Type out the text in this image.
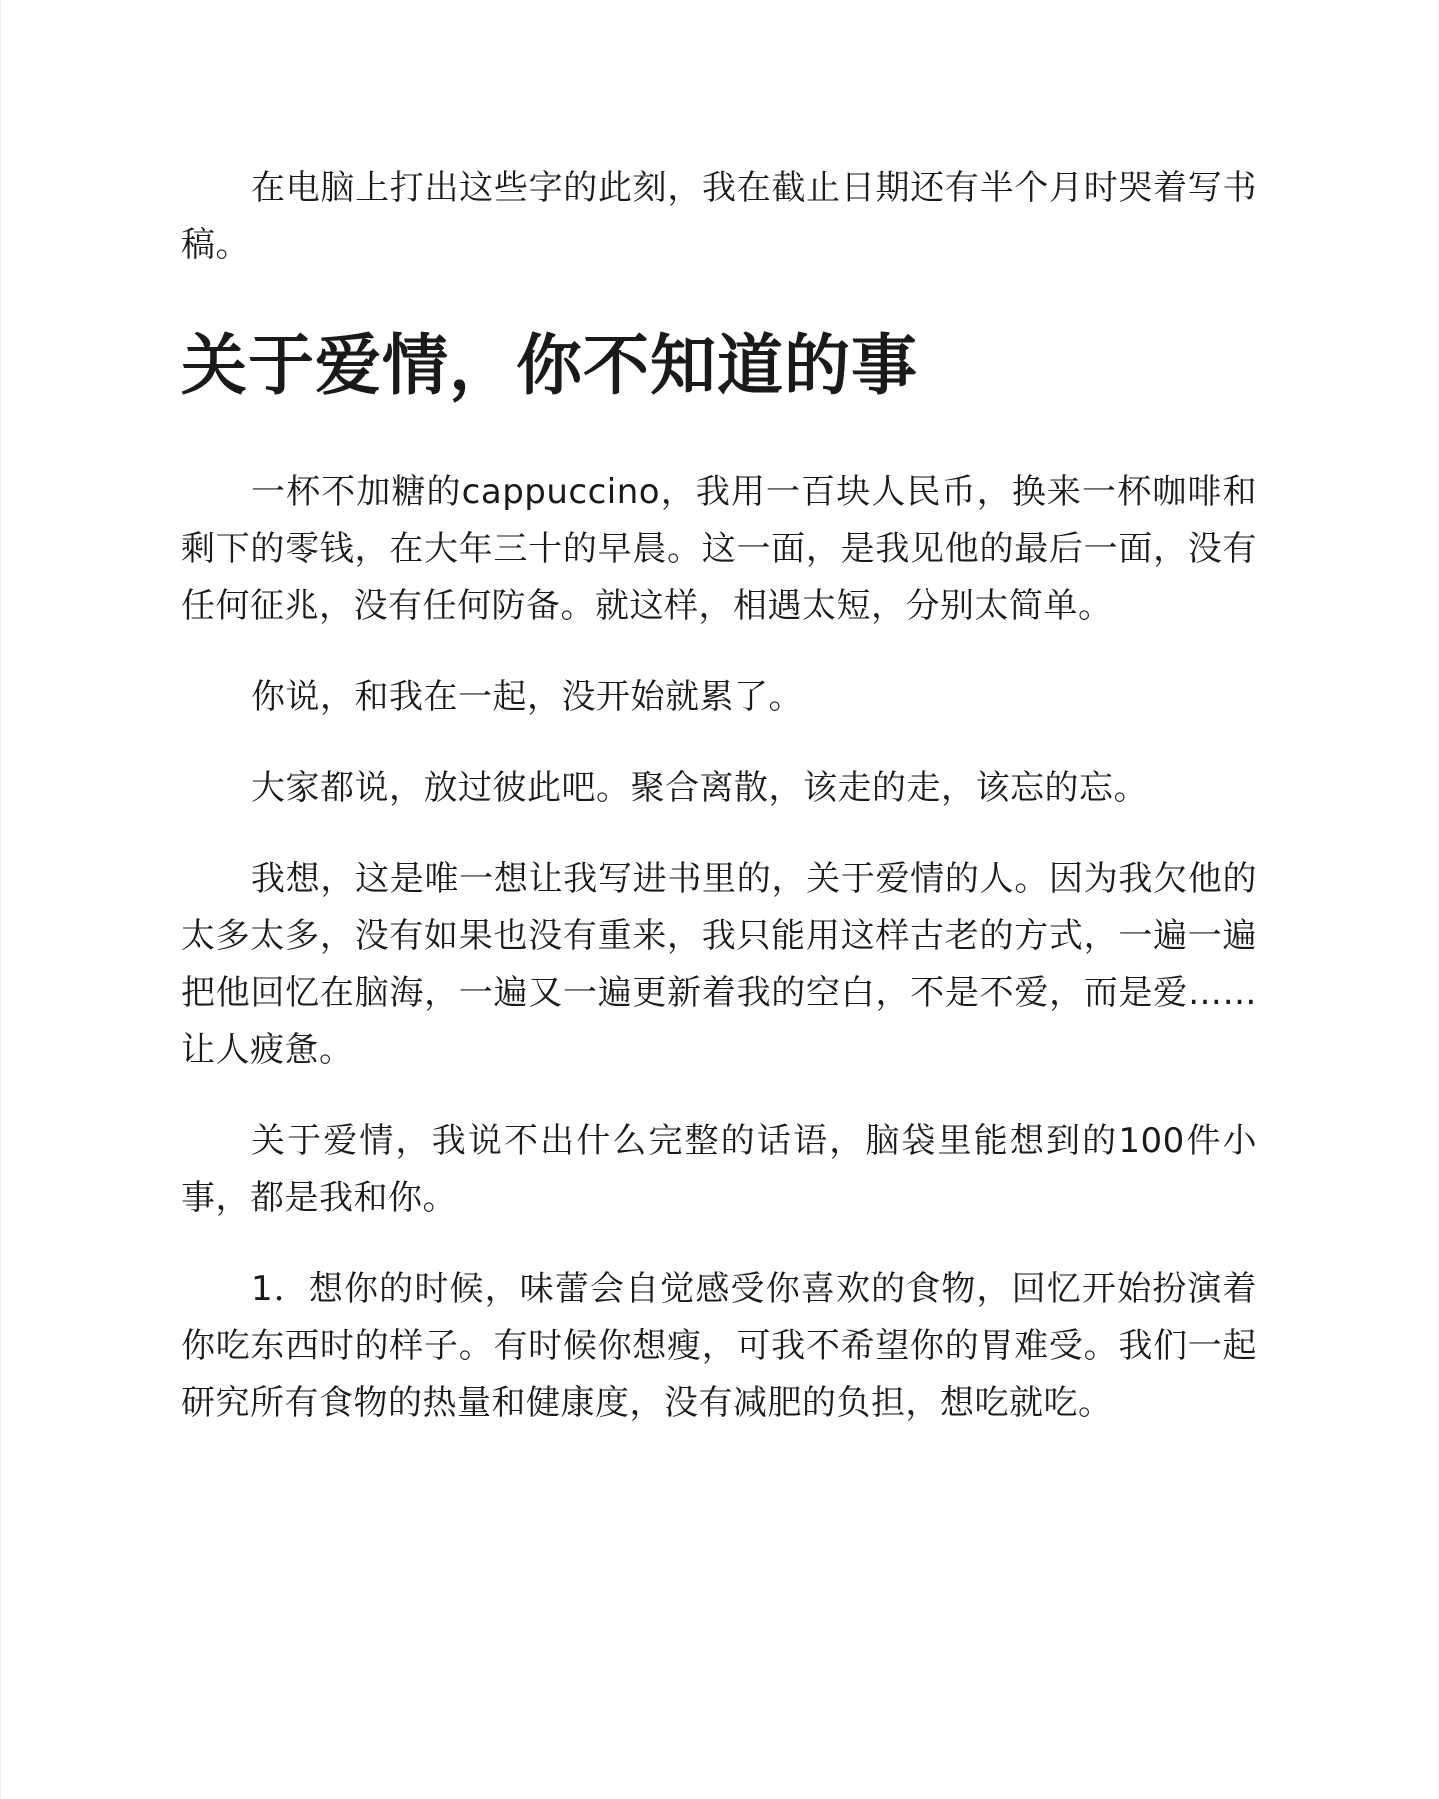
在电脑上打出这些字的此刻，我在截止日期还有半个月时哭着写书稿。

关于爱情，你不知道的事

一杯不加糖的cappuccino，我用一百块人民币，换来一杯咖啡和剩下的零钱，在大年三十的早晨。这一面，是我见他的最后一面，没有任何征兆，没有任何防备。就这样，相遇太短，分别太简单。

你说，和我在一起，没开始就累了。

大家都说，放过彼此吧。聚合离散，该走的走，该忘的忘。

我想，这是唯一想让我写进书里的，关于爱情的人。因为我欠他的太多太多，没有如果也没有重来，我只能用这样古老的方式，一遍一遍把他回忆在脑海，一遍又一遍更新着我的空白，不是不爱，而是爱……让人疲惫。

关于爱情，我说不出什么完整的话语，脑袋里能想到的100件小事，都是我和你。

1．想你的时候，味蕾会自觉感受你喜欢的食物，回忆开始扮演着你吃东西时的样子。有时候你想瘦，可我不希望你的胃难受。我们一起研究所有食物的热量和健康度，没有减肥的负担，想吃就吃。
